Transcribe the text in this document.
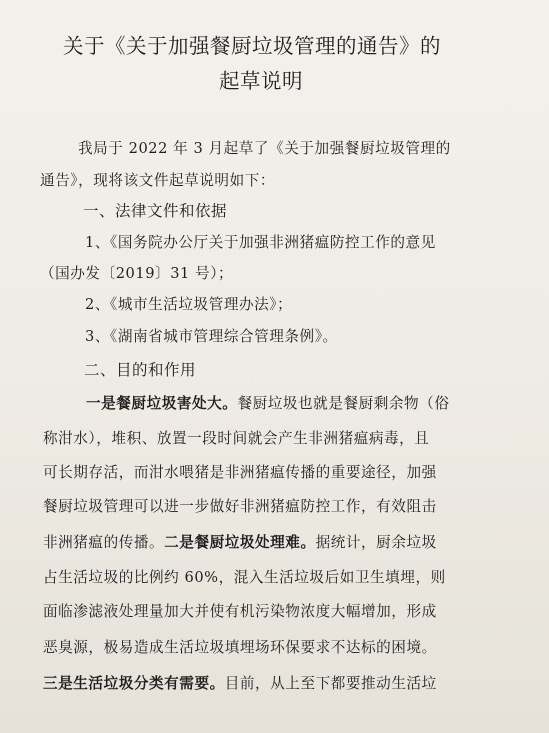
关于《关于加强餐厨垃圾管理的通告》的
起草说明
我局于 2022 年 3 月起草了《关于加强餐厨垃圾管理的
通告》，现将该文件起草说明如下：
一、法律文件和依据
1、《国务院办公厅关于加强非洲猪瘟防控工作的意见
（国办发〔2019〕31 号）；
2、《城市生活垃圾管理办法》；
3、《湖南省城市管理综合管理条例》。
二、目的和作用
一是餐厨垃圾害处大。餐厨垃圾也就是餐厨剩余物（俗
称泔水），堆积、放置一段时间就会产生非洲猪瘟病毒，且
可长期存活，而泔水喂猪是非洲猪瘟传播的重要途径，加强
餐厨垃圾管理可以进一步做好非洲猪瘟防控工作，有效阻击
非洲猪瘟的传播。二是餐厨垃圾处理难。据统计，厨余垃圾
占生活垃圾的比例约 60%，混入生活垃圾后如卫生填埋，则
面临渗滤液处理量加大并使有机污染物浓度大幅增加，形成
恶臭源，极易造成生活垃圾填埋场环保要求不达标的困境。
三是生活垃圾分类有需要。目前，从上至下都要推动生活垃
